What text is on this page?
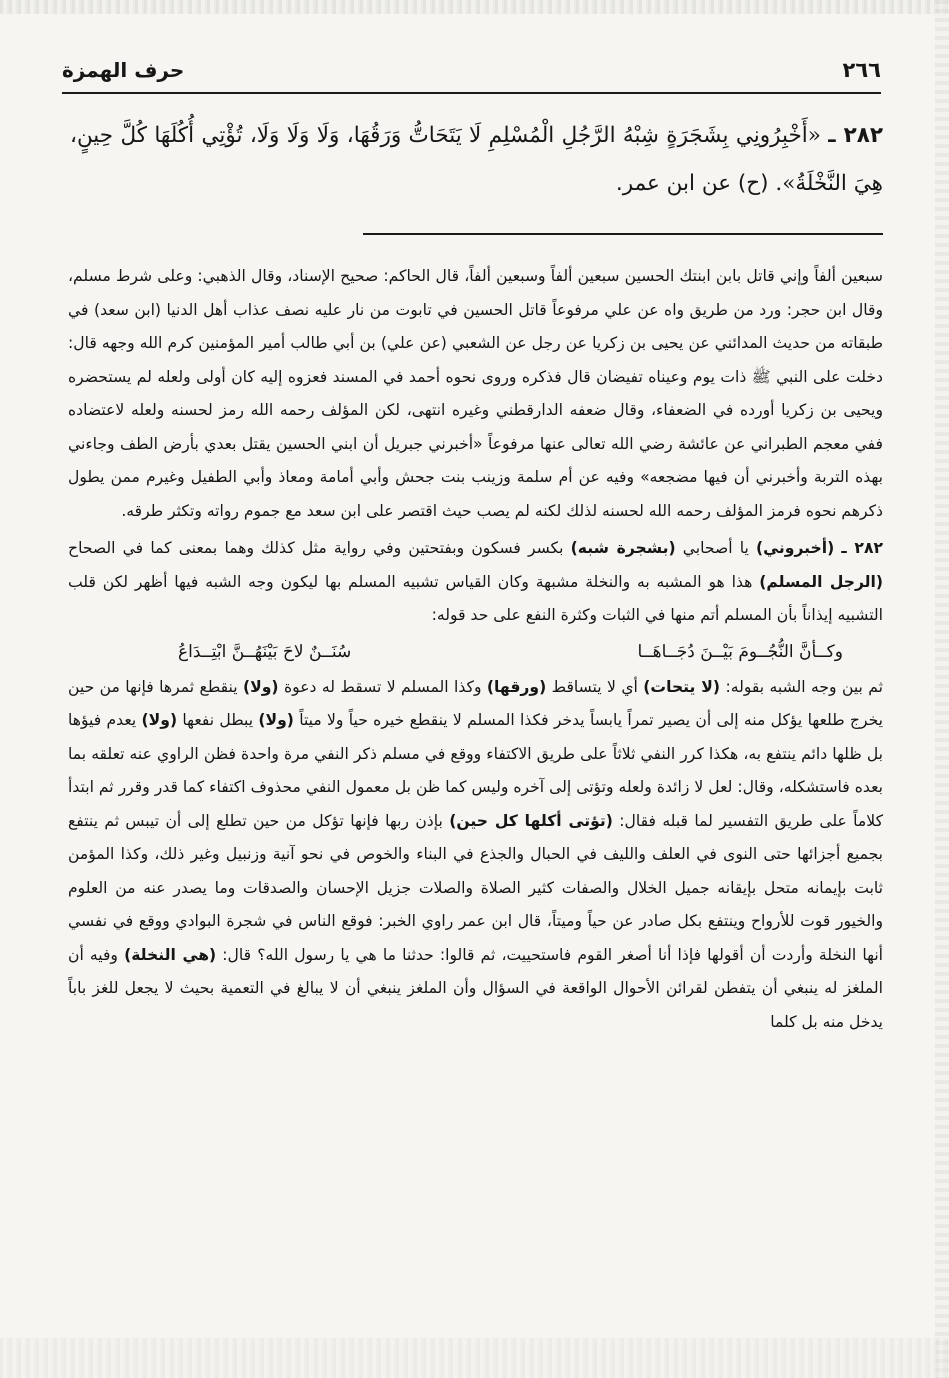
٢٦٦
حرف الهمزة
٢٨٢ ـ «أَخْبِرُونِي بِشَجَرَةٍ شِبْهُ الرَّجُلِ الْمُسْلِمِ لَا يَتَحَاتُّ وَرَقُهَا، وَلَا وَلَا وَلَا، تُؤْتِي أُكُلَهَا كُلَّ حِينٍ، هِيَ النَّخْلَةُ». (ح) عن ابن عمر.

سبعين ألفاً وإني قاتل بابن ابنتك الحسين سبعين ألفاً وسبعين ألفاً، قال الحاكم: صحيح الإسناد، وقال الذهبي: وعلى شرط مسلم، وقال ابن حجر: ورد من طريق واه عن علي مرفوعاً قاتل الحسين في تابوت من نار عليه نصف عذاب أهل الدنيا (ابن سعد) في طبقاته من حديث المدائني عن يحيى بن زكريا عن رجل عن الشعبي (عن علي) بن أبي طالب أمير المؤمنين كرم الله وجهه قال: دخلت على النبي ﷺ ذات يوم وعيناه تفيضان قال فذكره وروى نحوه أحمد في المسند فعزوه إليه كان أولى ولعله لم يستحضره ويحيى بن زكريا أورده في الضعفاء، وقال ضعفه الدارقطني وغيره انتهى، لكن المؤلف رحمه الله رمز لحسنه ولعله لاعتضاده ففي معجم الطبراني عن عائشة رضي الله تعالى عنها مرفوعاً «أخبرني جبريل أن ابني الحسين يقتل بعدي بأرض الطف وجاءني بهذه التربة وأخبرني أن فيها مضجعه» وفيه عن أم سلمة وزينب بنت جحش وأبي أمامة ومعاذ وأبي الطفيل وغيرم ممن يطول ذكرهم نحوه فرمز المؤلف رحمه الله لحسنه لذلك لكنه لم يصب حيث اقتصر على ابن سعد مع جموم رواته وتكثر طرقه.

٢٨٢ ـ (أخبروني) يا أصحابي (بشجرة شبه) بكسر فسكون وبفتحتين وفي رواية مثل كذلك وهما بمعنى كما في الصحاح (الرجل المسلم) هذا هو المشبه به والنخلة مشبهة وكان القياس تشبيه المسلم بها ليكون وجه الشبه فيها أظهر لكن قلب التشبيه إيذاناً بأن المسلم أتم منها في الثبات وكثرة النفع على حد قوله:

وكــأنَّ النُّجُــومَ بَيْــنَ دُجَــاهَــا
سُنَــنٌ لاحَ بَيْنَهُــنَّ ابْتِــدَاعُ

ثم بين وجه الشبه بقوله: (لا يتحات) أي لا يتساقط (ورقها) وكذا المسلم لا تسقط له دعوة (ولا) ينقطع ثمرها فإنها من حين يخرج طلعها يؤكل منه إلى أن يصير تمراً يابساً يدخر فكذا المسلم لا ينقطع خيره حياً ولا ميتاً (ولا) يبطل نفعها (ولا) يعدم فيؤها بل ظلها دائم ينتفع به، هكذا كرر النفي ثلاثاً على طريق الاكتفاء ووقع في مسلم ذكر النفي مرة واحدة فظن الراوي عنه تعلقه بما بعده فاستشكله، وقال: لعل لا زائدة ولعله وتؤتى إلى آخره وليس كما ظن بل معمول النفي محذوف اكتفاء كما قدر وقرر ثم ابتدأ كلاماً على طريق التفسير لما قبله فقال: (تؤتى أكلها كل حين) بإذن ربها فإنها تؤكل من حين تطلع إلى أن تيبس ثم ينتفع بجميع أجزائها حتى النوى في العلف والليف في الحبال والجذع في البناء والخوص في نحو آنية وزنبيل وغير ذلك، وكذا المؤمن ثابت بإيمانه متحل بإيقانه جميل الخلال والصفات كثير الصلاة والصلات جزيل الإحسان والصدقات وما يصدر عنه من العلوم والخيور قوت للأرواح وينتفع بكل صادر عن حياً وميتاً، قال ابن عمر راوي الخبر: فوقع الناس في شجرة البوادي ووقع في نفسي أنها النخلة وأردت أن أقولها فإذا أنا أصغر القوم فاستحييت، ثم قالوا: حدثنا ما هي يا رسول الله؟ قال: (هي النخلة) وفيه أن الملغز له ينبغي أن يتفطن لقرائن الأحوال الواقعة في السؤال وأن الملغز ينبغي أن لا يبالغ في التعمية بحيث لا يجعل للغز باباً يدخل منه بل كلما
